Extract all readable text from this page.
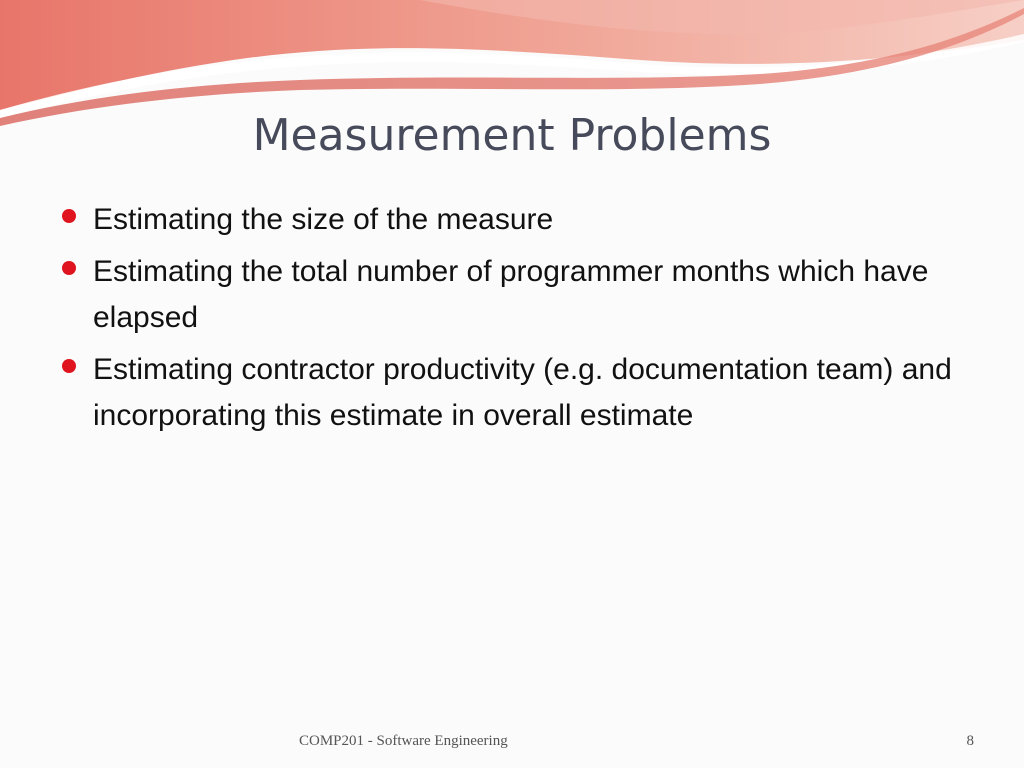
Measurement Problems
Estimating the size of the measure
Estimating the total number of programmer months which have elapsed
Estimating contractor productivity (e.g. documentation team) and incorporating this estimate in overall estimate
COMP201 - Software Engineering	8
